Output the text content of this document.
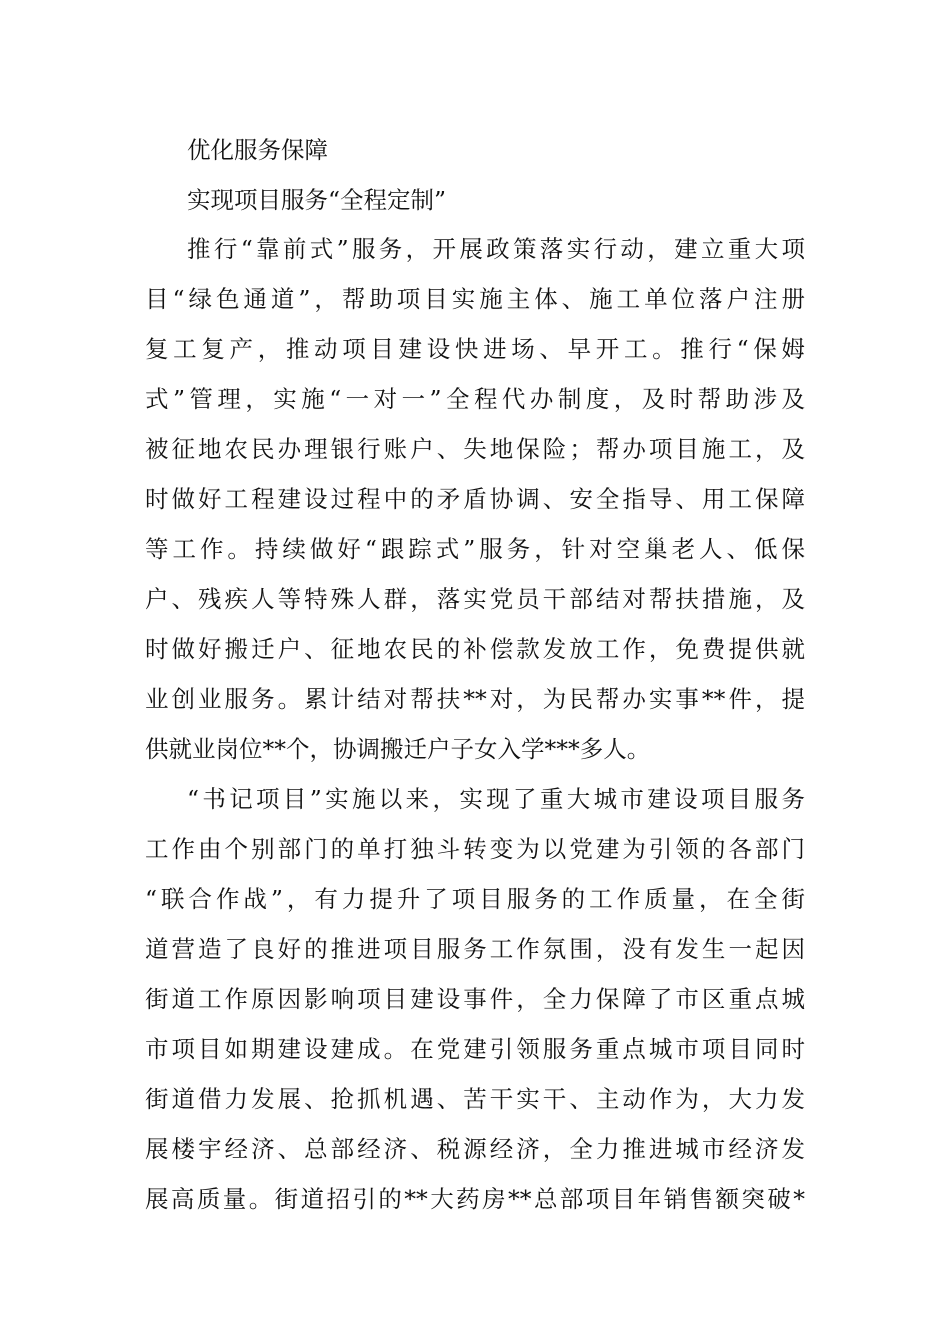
优化服务保障
实现项目服务“全程定制”
推行“靠前式”服务，开展政策落实行动，建立重大项
目“绿色通道”，帮助项目实施主体、施工单位落户注册
复工复产，推动项目建设快进场、早开工。推行“保姆
式”管理，实施“一对一”全程代办制度，及时帮助涉及
被征地农民办理银行账户、失地保险；帮办项目施工，及
时做好工程建设过程中的矛盾协调、安全指导、用工保障
等工作。持续做好“跟踪式”服务，针对空巢老人、低保
户、残疾人等特殊人群，落实党员干部结对帮扶措施，及
时做好搬迁户、征地农民的补偿款发放工作，免费提供就
业创业服务。累计结对帮扶**对，为民帮办实事**件，提
供就业岗位**个，协调搬迁户子女入学***多人。
“书记项目”实施以来，实现了重大城市建设项目服务
工作由个别部门的单打独斗转变为以党建为引领的各部门
“联合作战”，有力提升了项目服务的工作质量，在全街
道营造了良好的推进项目服务工作氛围，没有发生一起因
街道工作原因影响项目建设事件，全力保障了市区重点城
市项目如期建设建成。在党建引领服务重点城市项目同时
街道借力发展、抢抓机遇、苦干实干、主动作为，大力发
展楼宇经济、总部经济、税源经济，全力推进城市经济发
展高质量。街道招引的**大药房**总部项目年销售额突破*
